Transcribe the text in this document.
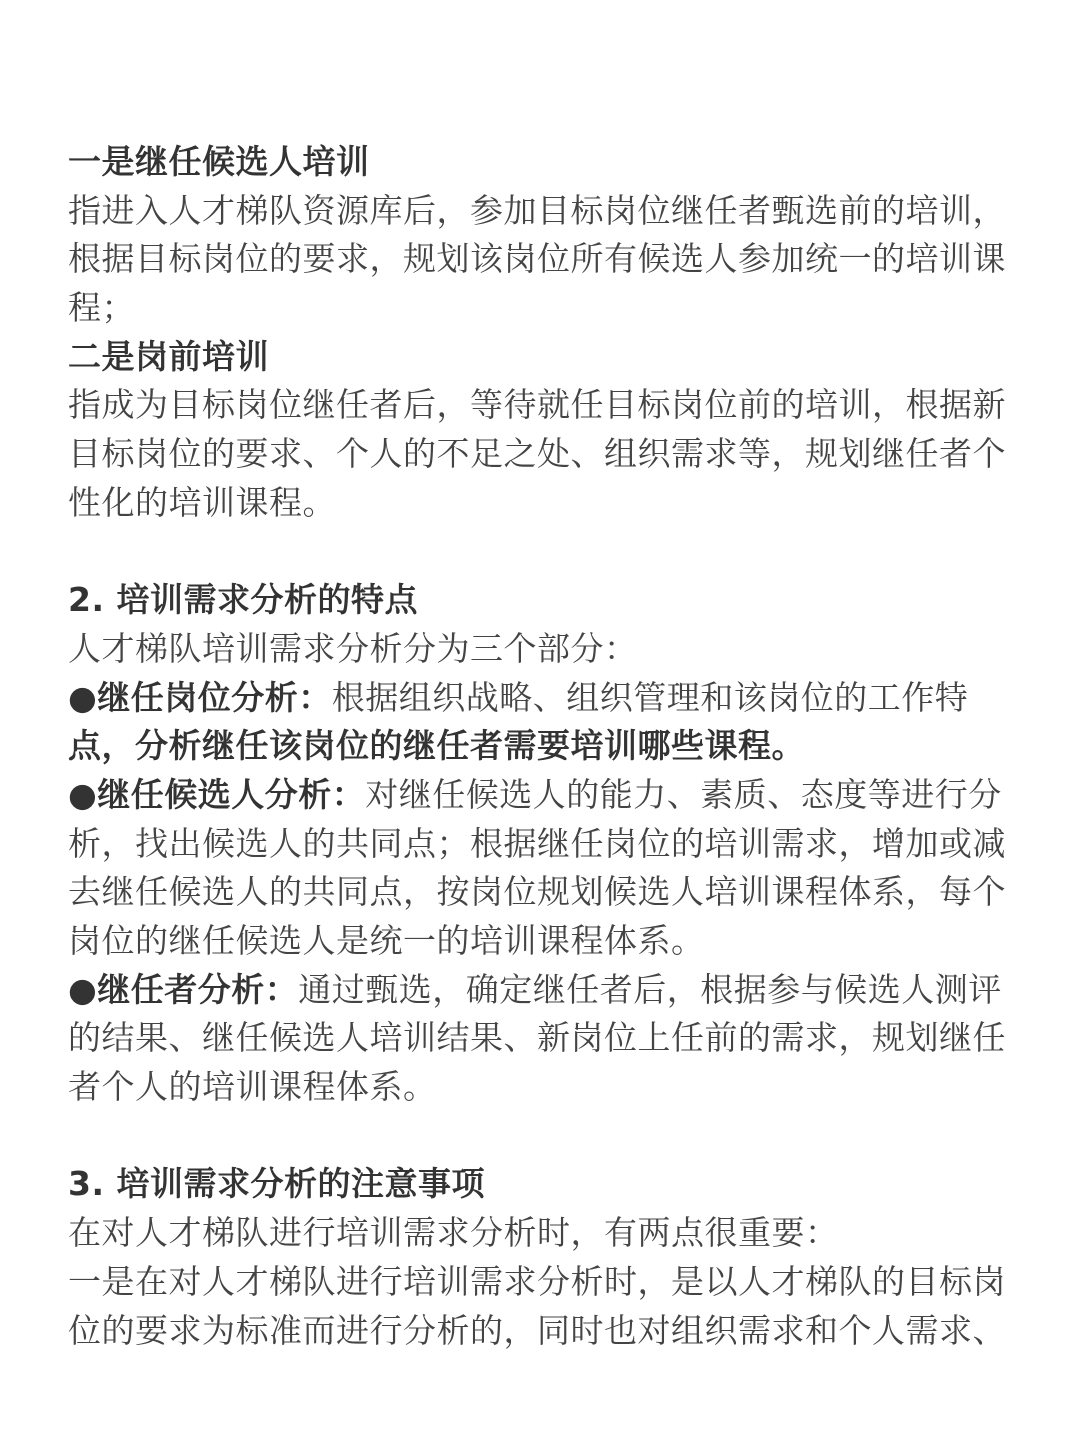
一是继任候选人培训
指进入人才梯队资源库后，参加目标岗位继任者甄选前的培训，
根据目标岗位的要求，规划该岗位所有候选人参加统一的培训课
程；
二是岗前培训
指成为目标岗位继任者后，等待就任目标岗位前的培训，根据新
目标岗位的要求、个人的不足之处、组织需求等，规划继任者个
性化的培训课程。
2. 培训需求分析的特点
人才梯队培训需求分析分为三个部分：
●继任岗位分析：根据组织战略、组织管理和该岗位的工作特
点，分析继任该岗位的继任者需要培训哪些课程。
●继任候选人分析：对继任候选人的能力、素质、态度等进行分
析，找出候选人的共同点；根据继任岗位的培训需求，增加或减
去继任候选人的共同点，按岗位规划候选人培训课程体系，每个
岗位的继任候选人是统一的培训课程体系。
●继任者分析：通过甄选，确定继任者后，根据参与候选人测评
的结果、继任候选人培训结果、新岗位上任前的需求，规划继任
者个人的培训课程体系。
3. 培训需求分析的注意事项
在对人才梯队进行培训需求分析时，有两点很重要：
一是在对人才梯队进行培训需求分析时，是以人才梯队的目标岗
位的要求为标准而进行分析的，同时也对组织需求和个人需求、
